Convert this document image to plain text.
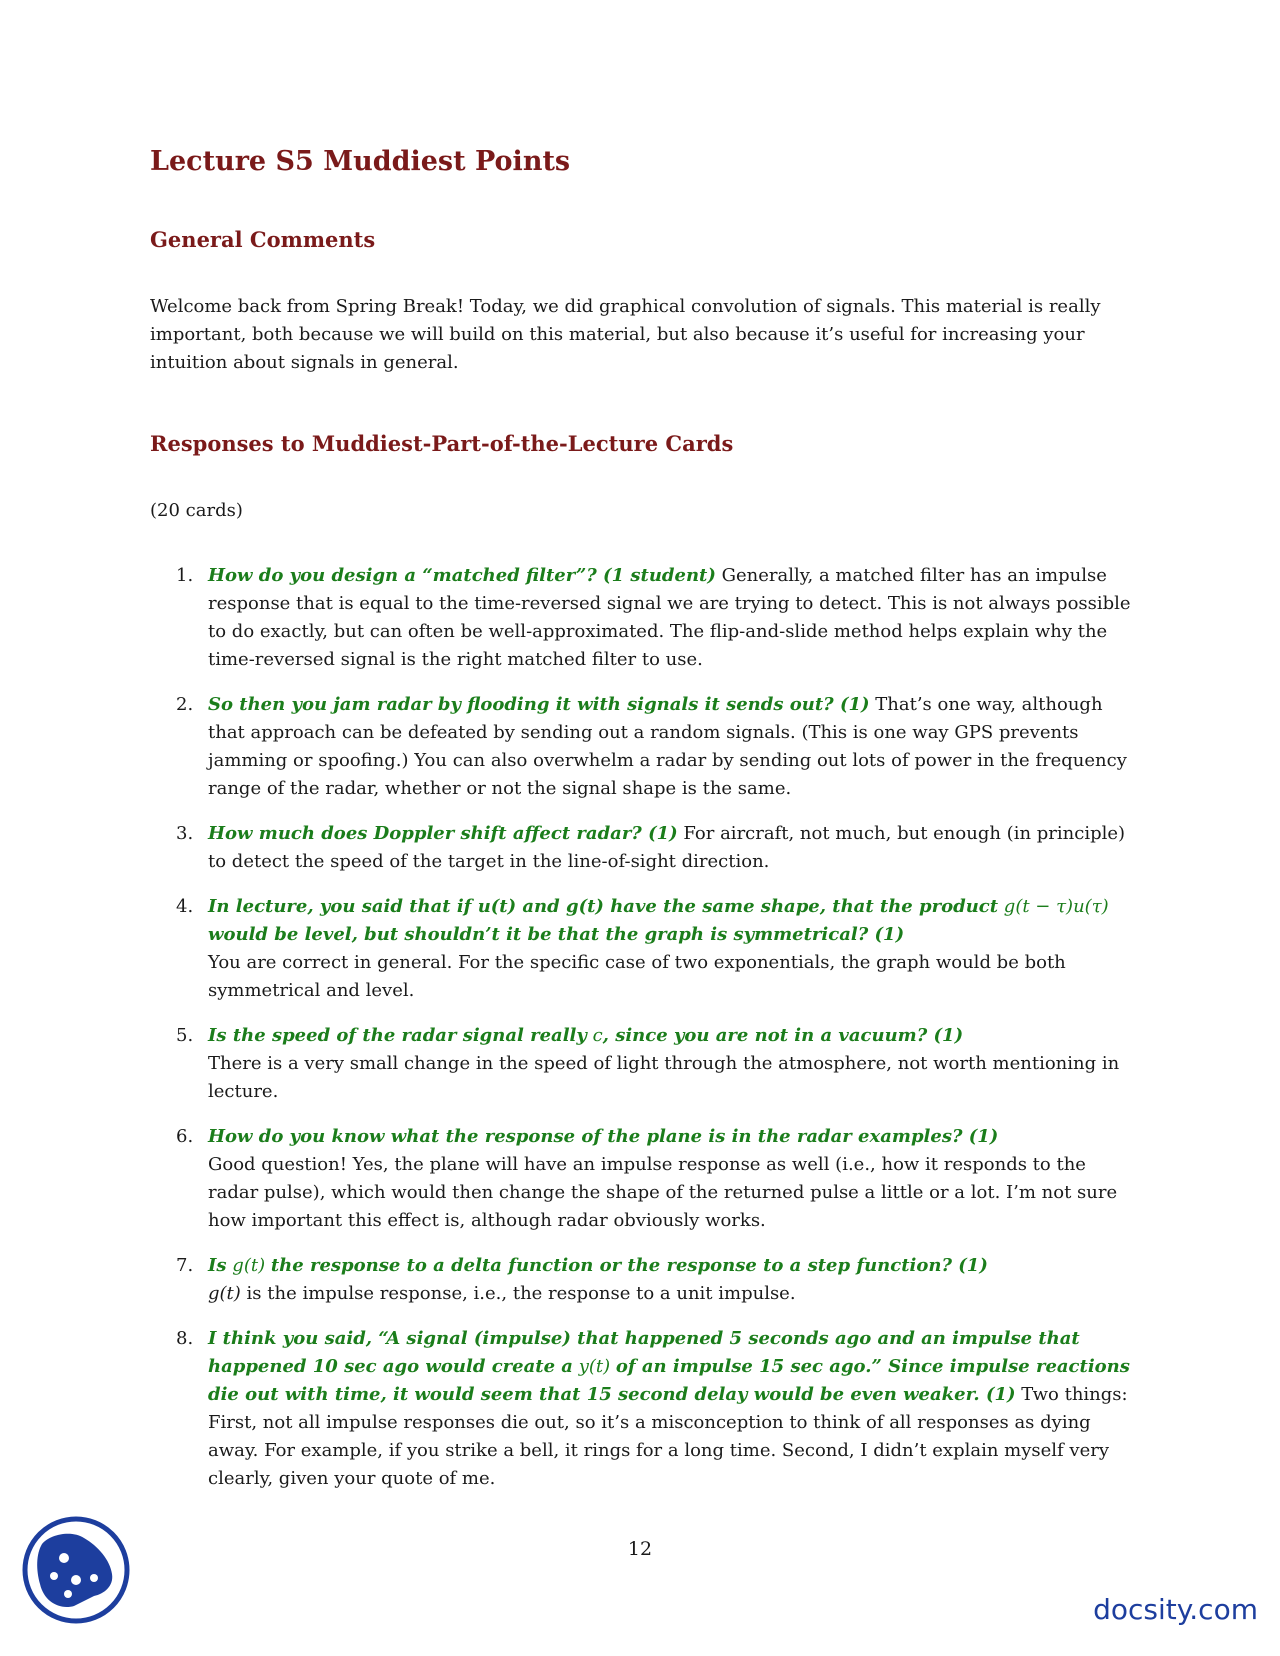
Lecture S5 Muddiest Points
General Comments

Welcome back from Spring Break! Today, we did graphical convolution of signals. This material is really important, both because we will build on this material, but also because it’s useful for increasing your intuition about signals in general.

Responses to Muddiest-Part-of-the-Lecture Cards

(20 cards)

1. How do you design a “matched filter”? (1 student) Generally, a matched filter has an impulse response that is equal to the time-reversed signal we are trying to detect. This is not always possible to do exactly, but can often be well-approximated. The flip-and-slide method helps explain why the time-reversed signal is the right matched filter to use.
2. So then you jam radar by flooding it with signals it sends out? (1) That’s one way, although that approach can be defeated by sending out a random signals. (This is one way GPS prevents jamming or spoofing.) You can also overwhelm a radar by sending out lots of power in the frequency range of the radar, whether or not the signal shape is the same.
3. How much does Doppler shift affect radar? (1) For aircraft, not much, but enough (in principle) to detect the speed of the target in the line-of-sight direction.
4. In lecture, you said that if u(t) and g(t) have the same shape, that the product g(t − τ)u(τ) would be level, but shouldn’t it be that the graph is symmetrical? (1)
You are correct in general. For the specific case of two exponentials, the graph would be both symmetrical and level.
5. Is the speed of the radar signal really c, since you are not in a vacuum? (1)
There is a very small change in the speed of light through the atmosphere, not worth mentioning in lecture.
6. How do you know what the response of the plane is in the radar examples? (1)
Good question! Yes, the plane will have an impulse response as well (i.e., how it responds to the radar pulse), which would then change the shape of the returned pulse a little or a lot. I’m not sure how important this effect is, although radar obviously works.
7. Is g(t) the response to a delta function or the response to a step function? (1)
g(t) is the impulse response, i.e., the response to a unit impulse.
8. I think you said, “A signal (impulse) that happened 5 seconds ago and an impulse that happened 10 sec ago would create a y(t) of an impulse 15 sec ago.” Since impulse reactions die out with time, it would seem that 15 second delay would be even weaker. (1) Two things: First, not all impulse responses die out, so it’s a misconception to think of all responses as dying away. For example, if you strike a bell, it rings for a long time. Second, I didn’t explain myself very clearly, given your quote of me.
12
docsity.com
